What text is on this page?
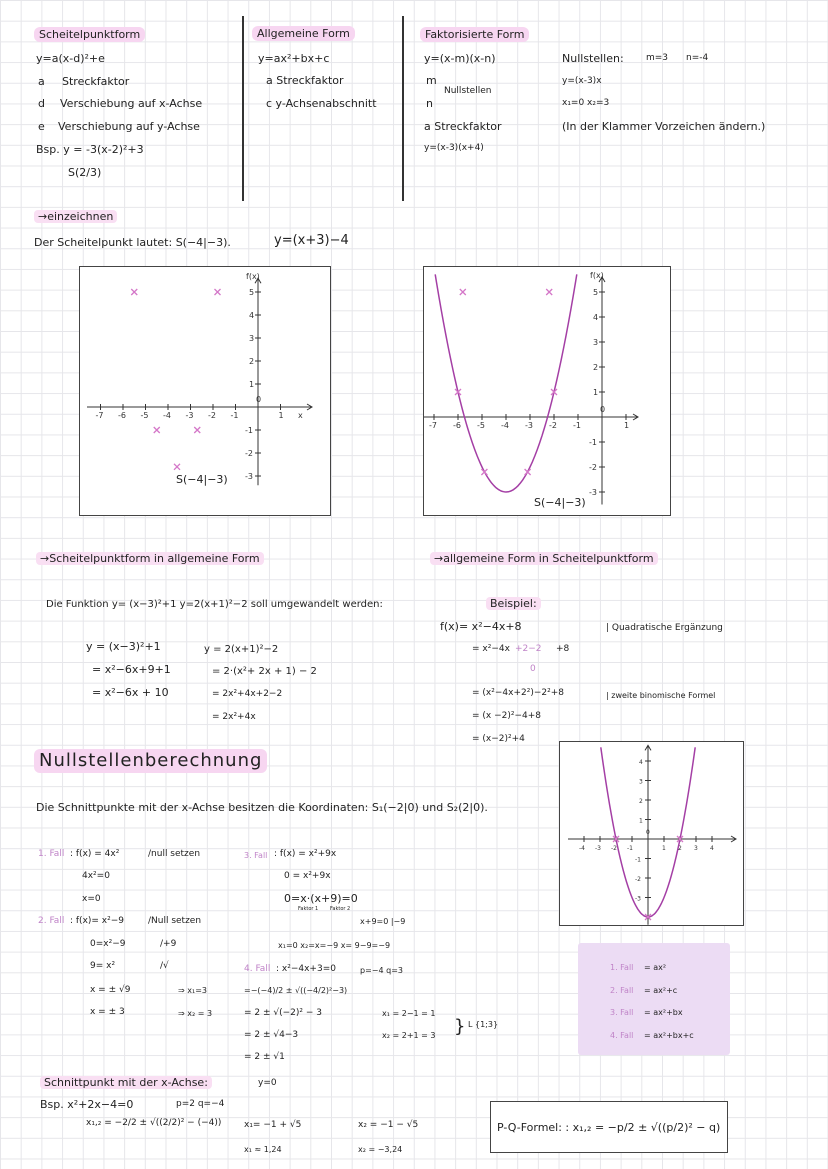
Scheitelpunktform
y=a(x-d)²+e
a Streckfaktor
d Verschiebung auf x-Achse
e Verschiebung auf y-Achse
Bsp. y = -3(x-2)²+3
S(2/3)
Allgemeine Form
y=ax²+bx+c
a Streckfaktor
c y-Achsenabschnitt
Faktorisierte Form
y=(x-m)(x-n)
m
Nullstellen
n
a Streckfaktor
y=(x-3)(x+4)
Nullstellen: m=3 n=-4
y=(x-3)x
x₁=0 x₂=3
(In der Klammer Vorzeichen ändern.)
→einzeichnen
Der Scheitelpunkt lautet: S(−4|−3).	y=(x+3)−4
-7 -6 -5 -4 -3 -2 -1
0
1
5
4
3
2
1
-1
-2
-3
f(x)
x
S(−4|−3)
-7 -6 -5 -4 -3 -2 -1
0
1
5
4
3
2
1
-1
-2
-3
f(x)
S(−4|−3)
→Scheitelpunktform in allgemeine Form	→allgemeine Form in Scheitelpunktform
Die Funktion y= (x−3)²+1 y=2(x+1)²−2 soll umgewandelt werden:
y = (x−3)²+1
= x²−6x+9+1
= x²−6x + 10
y = 2(x+1)²−2
= 2·(x²+ 2x + 1) − 2
= 2x²+4x+2−2
= 2x²+4x
Beispiel:
f(x)= x²−4x+8
= x²−4x +2−2 +8
0
= (x²−4x+2²)−2²+8
= (x −2)²−4+8
= (x−2)²+4
| Quadratische Ergänzung
| zweite binomische Formel
-4 -3 -2 -1
0
1 2 3 4
4
3
2
1
-1
-2
-3
Nullstellenberechnung
Die Schnittpunkte mit der x-Achse besitzen die Koordinaten: S₁(−2|0) und S₂(2|0).
1. Fall : f(x) = 4x²	/null setzen
4x²=0
x=0
2. Fall : f(x)= x²−9	/Null setzen
0=x²−9	/+9
9= x²	/√
x = ± √9	⇒ x₁=3
x = ± 3	⇒ x₂ = 3
3. Fall : f(x) = x²+9x
0 = x²+9x
0=x·(x+9)=0
Faktor 1 Faktor 2
x+9=0 |−9
x₁=0 x₂=x=−9 x= 9−9=−9
4. Fall : x²−4x+3=0	p=−4 q=3
=−(−4)/2 ± √((−4/2)²−3)
= 2 ± √(−2)² − 3
= 2 ± √4−3
= 2 ± √1
x₁ = 2−1 = 1
x₂ = 2+1 = 3 } L {1;3}
Schnittpunkt mit der x-Achse:	y=0
Bsp. x²+2x−4=0	p=2 q=−4
x₁,₂ = −2/2 ± √((2/2)² − (−4))	x₁= −1 + √5
x₁ ≈ 1,24
x₂ = −1 − √5
x₂ = −3,24
1. Fall = ax²
2. Fall = ax²+c
3. Fall = ax²+bx
4. Fall = ax²+bx+c
P-Q-Formel: : x₁,₂ = −p/2 ± √((p/2)² − q)
